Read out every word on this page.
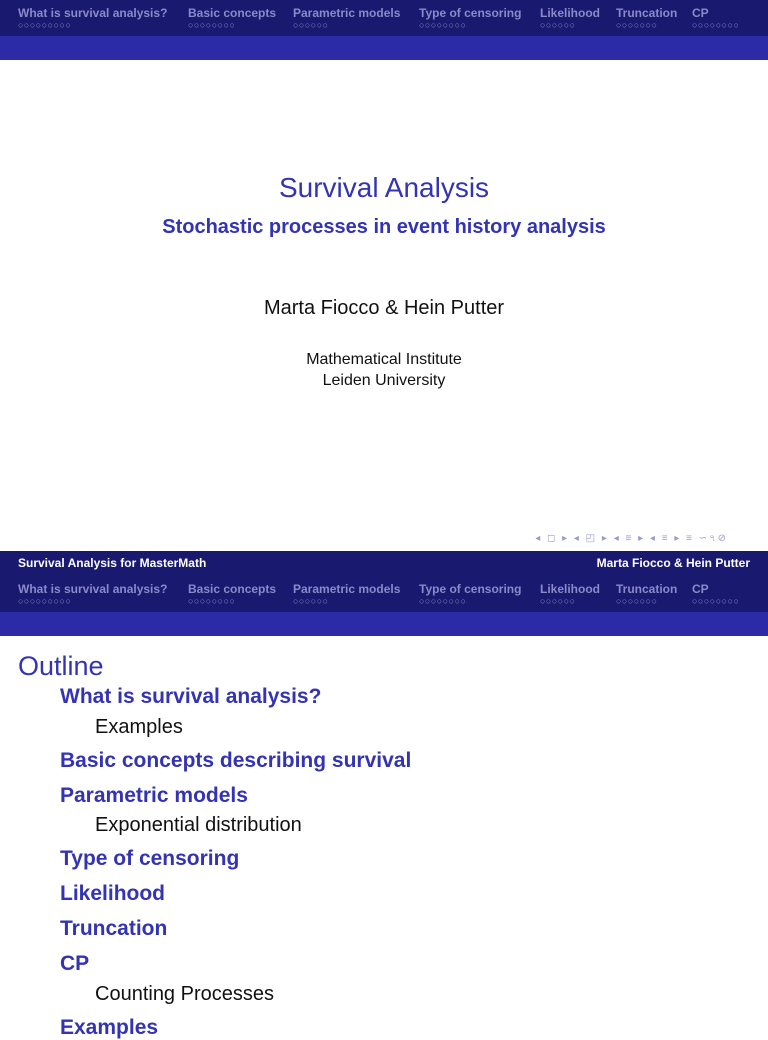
What is survival analysis?
○○○○○○○○○
Basic concepts
○○○○○○○○
Parametric models
○○○○○○
Type of censoring
○○○○○○○○
Likelihood
○○○○○○
Truncation
○○○○○○○
CP
○○○○○○○○
Survival Analysis
Stochastic processes in event history analysis
Marta Fiocco & Hein Putter
Mathematical Institute
Leiden University
◂ ◻ ▸ ◂ ◰ ▸ ◂ ≡ ▸ ◂ ≡ ▸ ≡ ∽৭⊘
Survival Analysis for MasterMath	Marta Fiocco & Hein Putter
What is survival analysis?
○○○○○○○○○
Basic concepts
○○○○○○○○
Parametric models
○○○○○○
Type of censoring
○○○○○○○○
Likelihood
○○○○○○
Truncation
○○○○○○○
CP
○○○○○○○○
Outline
What is survival analysis?
Examples
Basic concepts describing survival
Parametric models
Exponential distribution
Type of censoring
Likelihood
Truncation
CP
Counting Processes
Examples
